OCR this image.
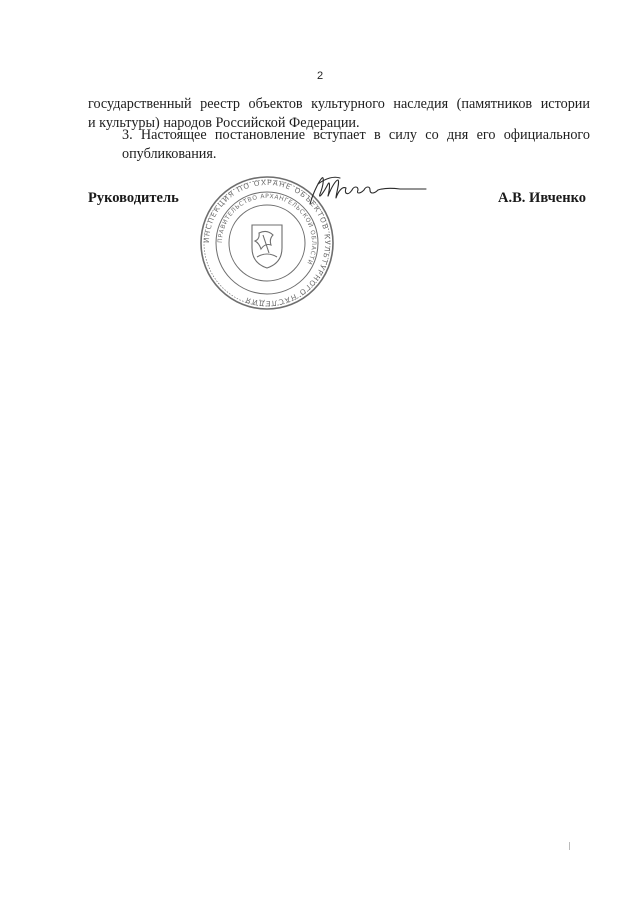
2
государственный реестр объектов культурного наследия (памятников истории
и культуры) народов Российской Федерации.
3. Настоящее постановление вступает в силу со дня его официального
опубликования.
Руководитель	А.В. Ивченко
ИНСПЕКЦИЯ ПО ОХРАНЕ ОБЪЕКТОВ КУЛЬТУРНОГО НАСЛЕДИЯ
ПРАВИТЕЛЬСТВО АРХАНГЕЛЬСКОЙ ОБЛАСТИ
